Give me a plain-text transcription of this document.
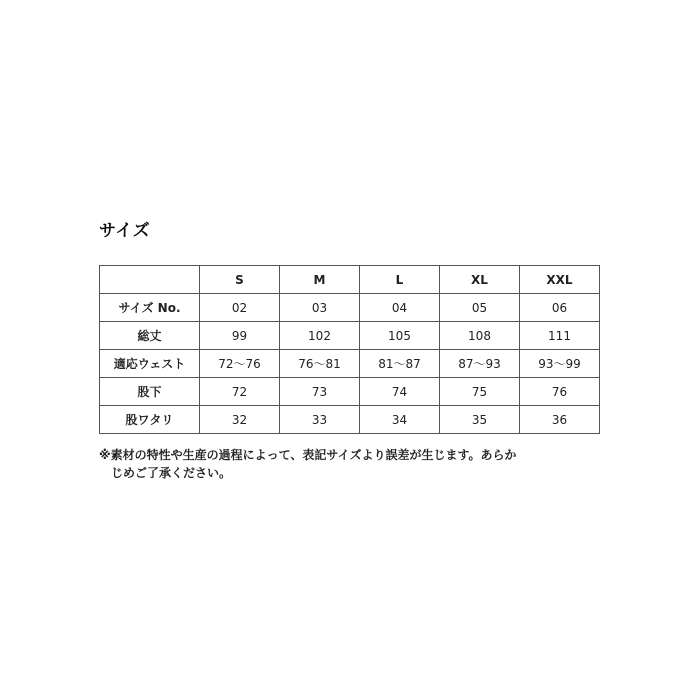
サイズ
	S	M	L	XL	XXL
サイズ No.	02	03	04	05	06
総丈	99	102	105	108	111
適応ウェスト	72〜76	76〜81	81〜87	87〜93	93〜99
股下	72	73	74	75	76
股ワタリ	32	33	34	35	36
※素材の特性や生産の過程によって、表記サイズより誤差が生じます。あらか
じめご了承ください。
